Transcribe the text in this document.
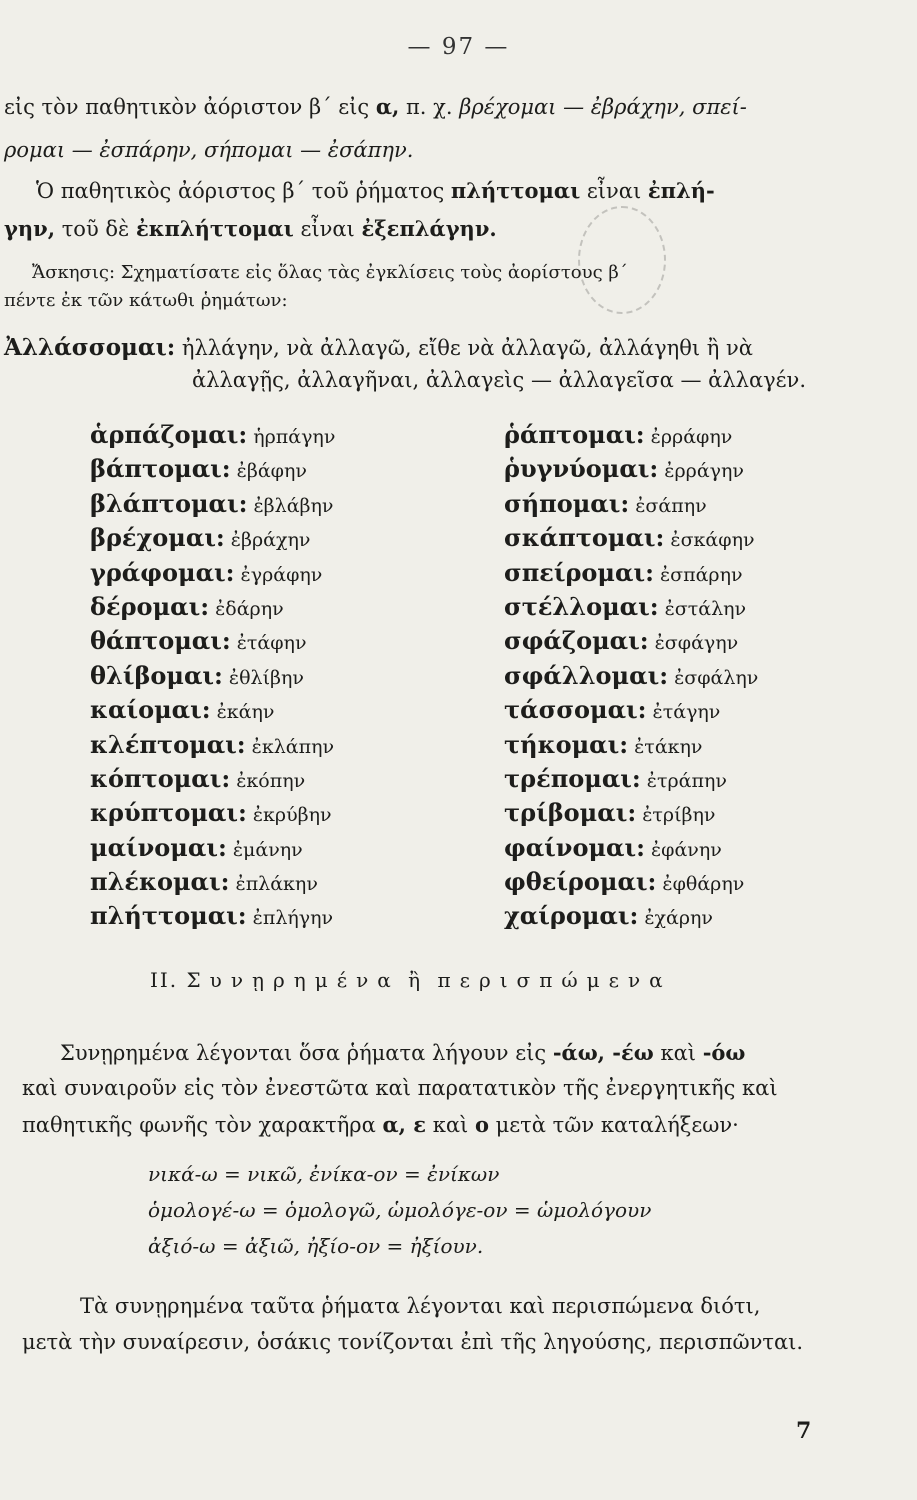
— 97 —
εἰς τὸν παθητικὸν ἀόριστον β΄ εἰς α, π. χ. βρέχομαι — ἐβράχην, σπεί-
ρομαι — ἐσπάρην, σήπομαι — ἐσάπην.
Ὁ παθητικὸς ἀόριστος β΄ τοῦ ῥήματος πλήττομαι εἶναι ἐπλή-
γην, τοῦ δὲ ἐκπλήττομαι εἶναι ἐξεπλάγην.
Ἄσκησις: Σχηματίσατε εἰς ὅλας τὰς ἐγκλίσεις τοὺς ἀορίστους β΄
πέντε ἐκ τῶν κάτωθι ῥημάτων:
Ἀλλάσσομαι: ἠλλάγην, νὰ ἀλλαγῶ, εἴθε νὰ ἀλλαγῶ, ἀλλάγηθι ἢ νὰ
ἀλλαγῇς, ἀλλαγῆναι, ἀλλαγεὶς — ἀλλαγεῖσα — ἀλλαγέν.
ἁρπάζομαι: ἡρπάγην
βάπτομαι: ἐβάφην
βλάπτομαι: ἐβλάβην
βρέχομαι: ἐβράχην
γράφομαι: ἐγράφην
δέρομαι: ἐδάρην
θάπτομαι: ἐτάφην
θλίβομαι: ἐθλίβην
καίομαι: ἐκάην
κλέπτομαι: ἐκλάπην
κόπτομαι: ἐκόπην
κρύπτομαι: ἐκρύβην
μαίνομαι: ἐμάνην
πλέκομαι: ἐπλάκην
πλήττομαι: ἐπλήγην
ῥάπτομαι: ἐρράφην
ῥυγνύομαι: ἐρράγην
σήπομαι: ἐσάπην
σκάπτομαι: ἐσκάφην
σπείρομαι: ἐσπάρην
στέλλομαι: ἐστάλην
σφάζομαι: ἐσφάγην
σφάλλομαι: ἐσφάλην
τάσσομαι: ἐτάγην
τήκομαι: ἐτάκην
τρέπομαι: ἐτράπην
τρίβομαι: ἐτρίβην
φαίνομαι: ἐφάνην
φθείρομαι: ἐφθάρην
χαίρομαι: ἐχάρην
II. Συνῃρημένα ἢ περισπώμενα
Συνῃρημένα λέγονται ὅσα ῥήματα λήγουν εἰς -άω, -έω καὶ -όω
καὶ συναιροῦν εἰς τὸν ἐνεστῶτα καὶ παρατατικὸν τῆς ἐνεργητικῆς καὶ
παθητικῆς φωνῆς τὸν χαρακτῆρα α, ε καὶ ο μετὰ τῶν καταλήξεων·
νικά-ω = νικῶ, ἐνίκα-ον = ἐνίκων
ὁμολογέ-ω = ὁμολογῶ, ὡμολόγε-ον = ὡμολόγουν
ἀξιό-ω = ἀξιῶ, ἠξίο-ον = ἠξίουν.
Τὰ συνῃρημένα ταῦτα ῥήματα λέγονται καὶ περισπώμενα διότι,
μετὰ τὴν συναίρεσιν, ὁσάκις τονίζονται ἐπὶ τῆς ληγούσης, περισπῶνται.
7
